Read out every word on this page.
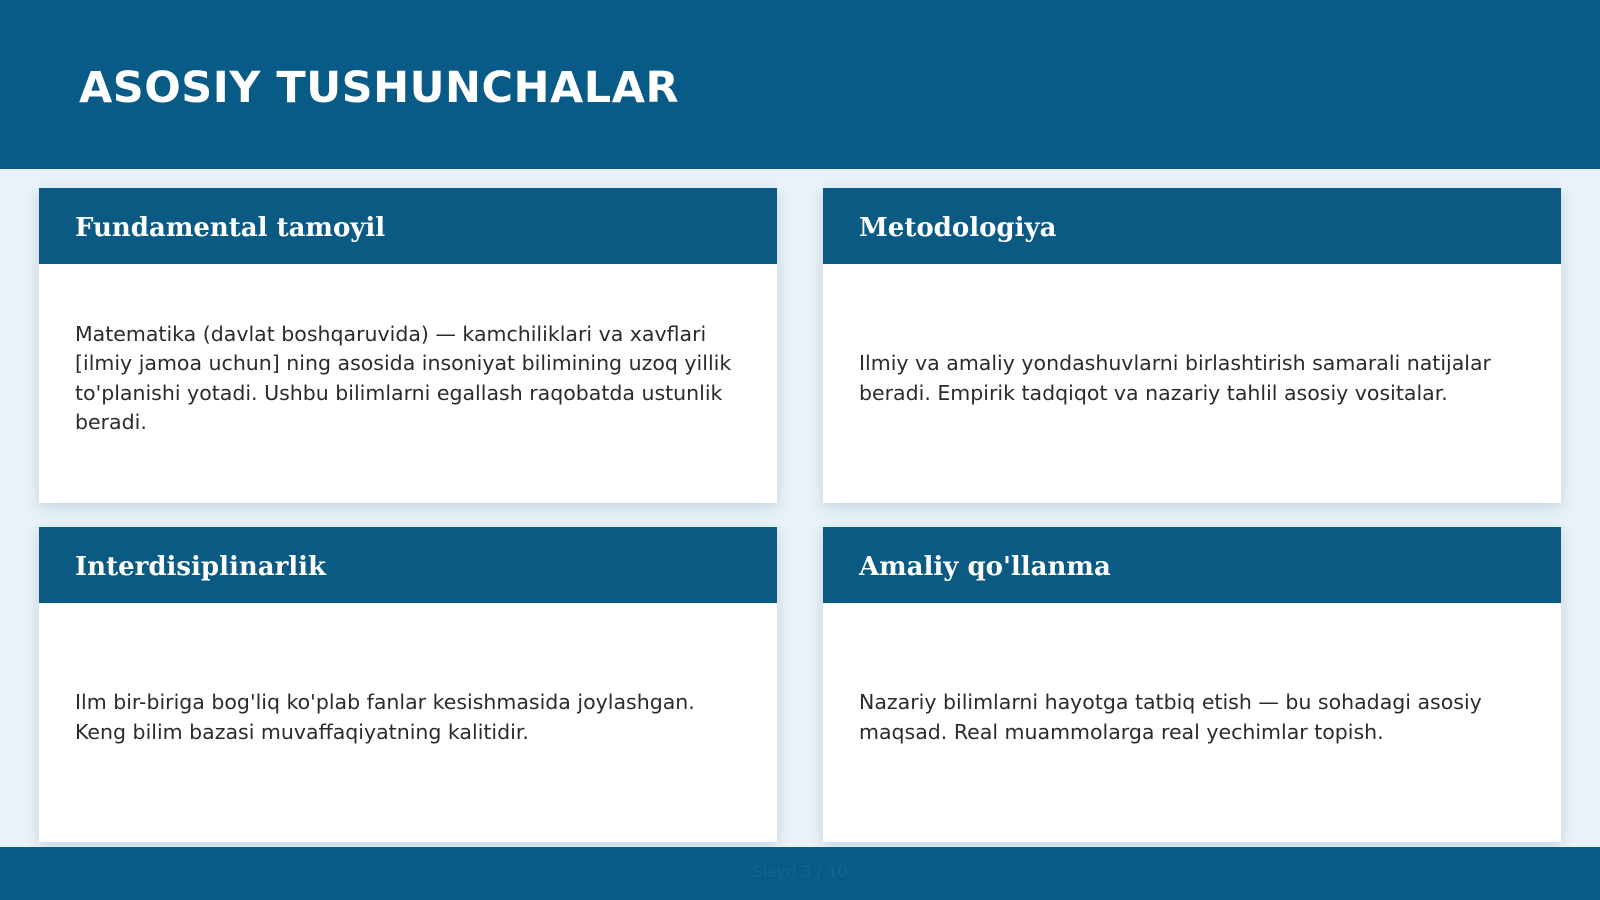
ASOSIY TUSHUNCHALAR
Fundamental tamoyil

Matematika (davlat boshqaruvida) — kamchiliklari va xavflari [ilmiy jamoa uchun] ning asosida insoniyat bilimining uzoq yillik to'planishi yotadi. Ushbu bilimlarni egallash raqobatda ustunlik beradi.

Metodologiya

Ilmiy va amaliy yondashuvlarni birlashtirish samarali natijalar beradi. Empirik tadqiqot va nazariy tahlil asosiy vositalar.

Interdisiplinarlik

Ilm bir-biriga bog'liq ko'plab fanlar kesishmasida joylashgan. Keng bilim bazasi muvaffaqiyatning kalitidir.

Amaliy qo'llanma

Nazariy bilimlarni hayotga tatbiq etish — bu sohadagi asosiy maqsad. Real muammolarga real yechimlar topish.

Slayd 3 / 10
